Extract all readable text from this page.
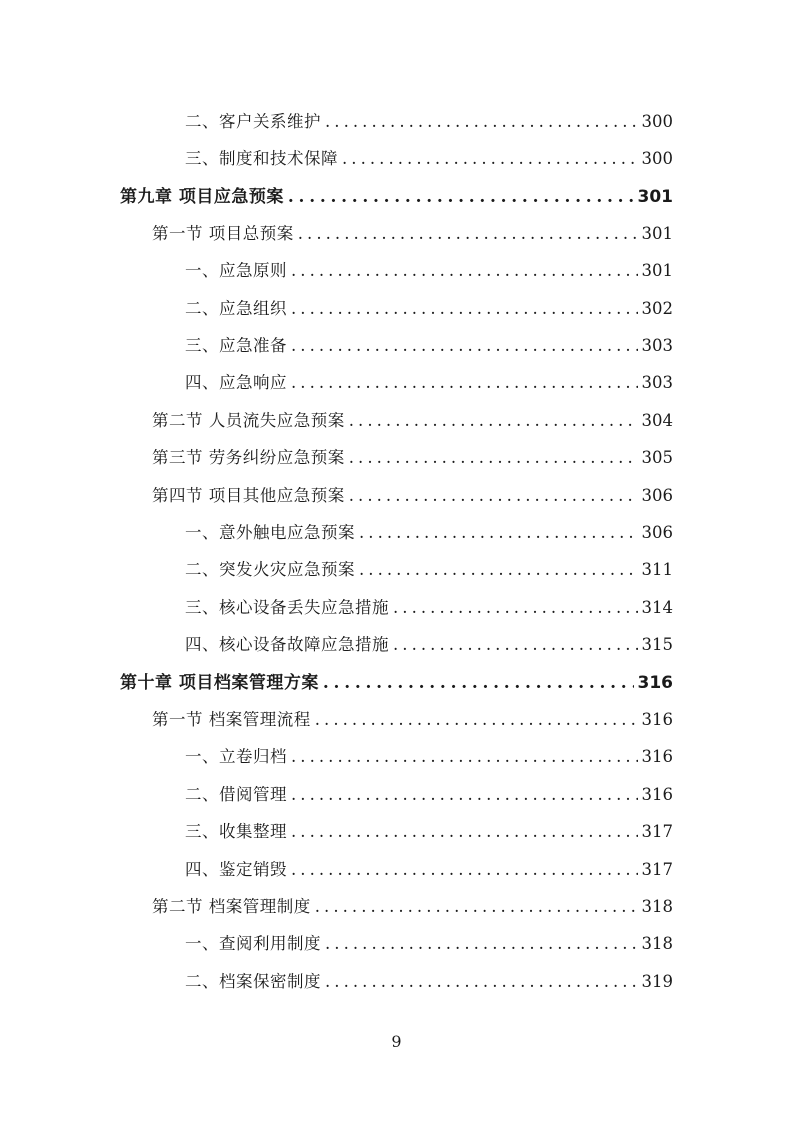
二、客户关系维护 . . .	300
三、制度和技术保障 . . .	300
第九章 项目应急预案 . . .	301
第一节 项目总预案 . . .	301
一、应急原则 . . .	301
二、应急组织 . . .	302
三、应急准备 . . .	303
四、应急响应 . . .	303
第二节 人员流失应急预案 . . .	304
第三节 劳务纠纷应急预案 . . .	305
第四节 项目其他应急预案 . . .	306
一、意外触电应急预案 . . .	306
二、突发火灾应急预案 . . .	311
三、核心设备丢失应急措施 . . .	314
四、核心设备故障应急措施 . . .	315
第十章 项目档案管理方案 . . .	316
第一节 档案管理流程 . . .	316
一、立卷归档 . . .	316
二、借阅管理 . . .	316
三、收集整理 . . .	317
四、鉴定销毁 . . .	317
第二节 档案管理制度 . . .	318
一、查阅利用制度 . . .	318
二、档案保密制度 . . .	319
9
